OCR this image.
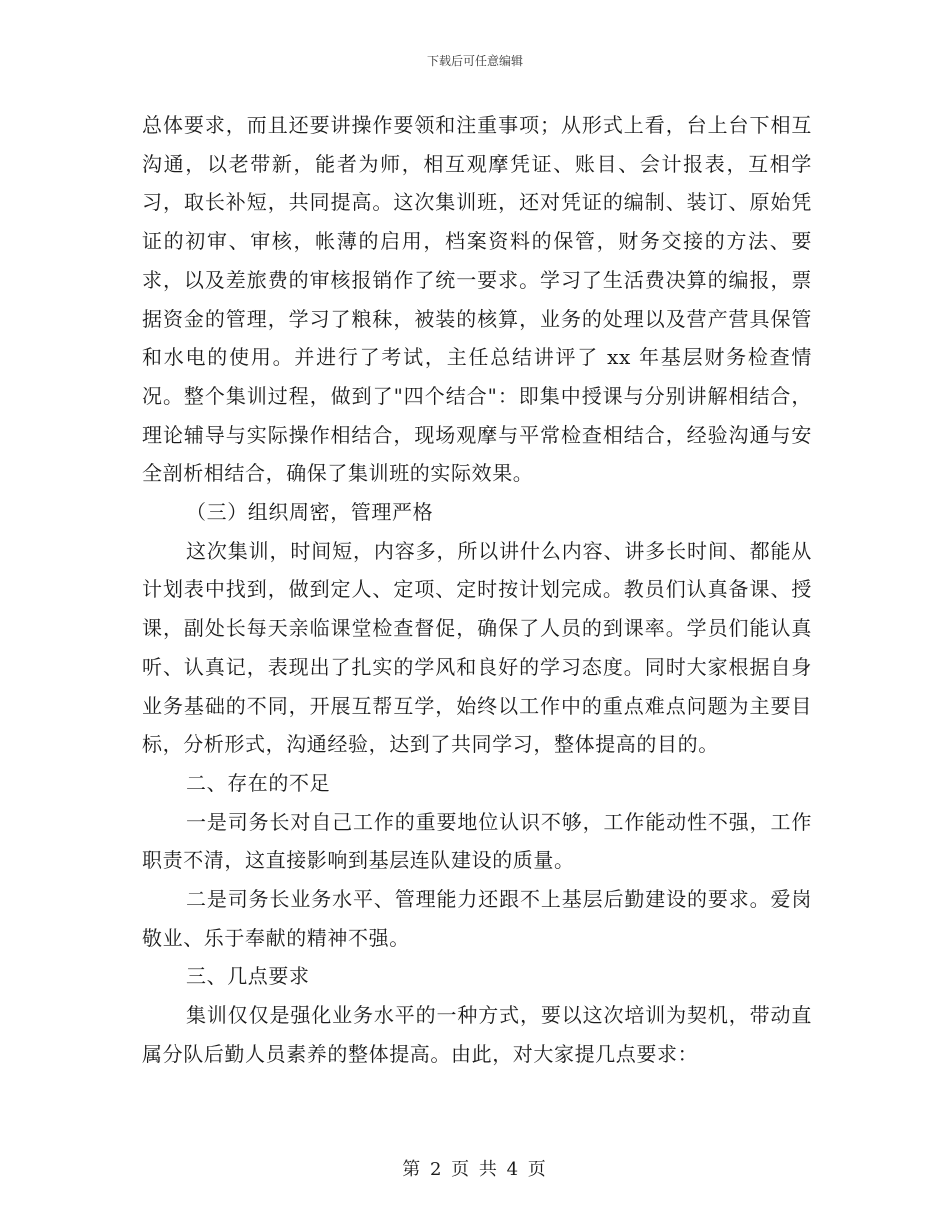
下载后可任意编辑

总体要求，而且还要讲操作要领和注重事项；从形式上看，台上台下相互沟通，以老带新，能者为师，相互观摩凭证、账目、会计报表，互相学习，取长补短，共同提高。这次集训班，还对凭证的编制、装订、原始凭证的初审、审核，帐薄的启用，档案资料的保管，财务交接的方法、要求，以及差旅费的审核报销作了统一要求。学习了生活费决算的编报，票据资金的管理，学习了粮秣，被装的核算，业务的处理以及营产营具保管和水电的使用。并进行了考试，主任总结讲评了 xx 年基层财务检查情况。整个集训过程，做到了"四个结合"：即集中授课与分别讲解相结合，理论辅导与实际操作相结合，现场观摩与平常检查相结合，经验沟通与安全剖析相结合，确保了集训班的实际效果。

（三）组织周密，管理严格

这次集训，时间短，内容多，所以讲什么内容、讲多长时间、都能从计划表中找到，做到定人、定项、定时按计划完成。教员们认真备课、授课，副处长每天亲临课堂检查督促，确保了人员的到课率。学员们能认真听、认真记，表现出了扎实的学风和良好的学习态度。同时大家根据自身业务基础的不同，开展互帮互学，始终以工作中的重点难点问题为主要目标，分析形式，沟通经验，达到了共同学习，整体提高的目的。

二、存在的不足

一是司务长对自己工作的重要地位认识不够，工作能动性不强，工作职责不清，这直接影响到基层连队建设的质量。

二是司务长业务水平、管理能力还跟不上基层后勤建设的要求。爱岗敬业、乐于奉献的精神不强。

三、几点要求

集训仅仅是强化业务水平的一种方式，要以这次培训为契机，带动直属分队后勤人员素养的整体提高。由此，对大家提几点要求：

第 2 页 共 4 页
